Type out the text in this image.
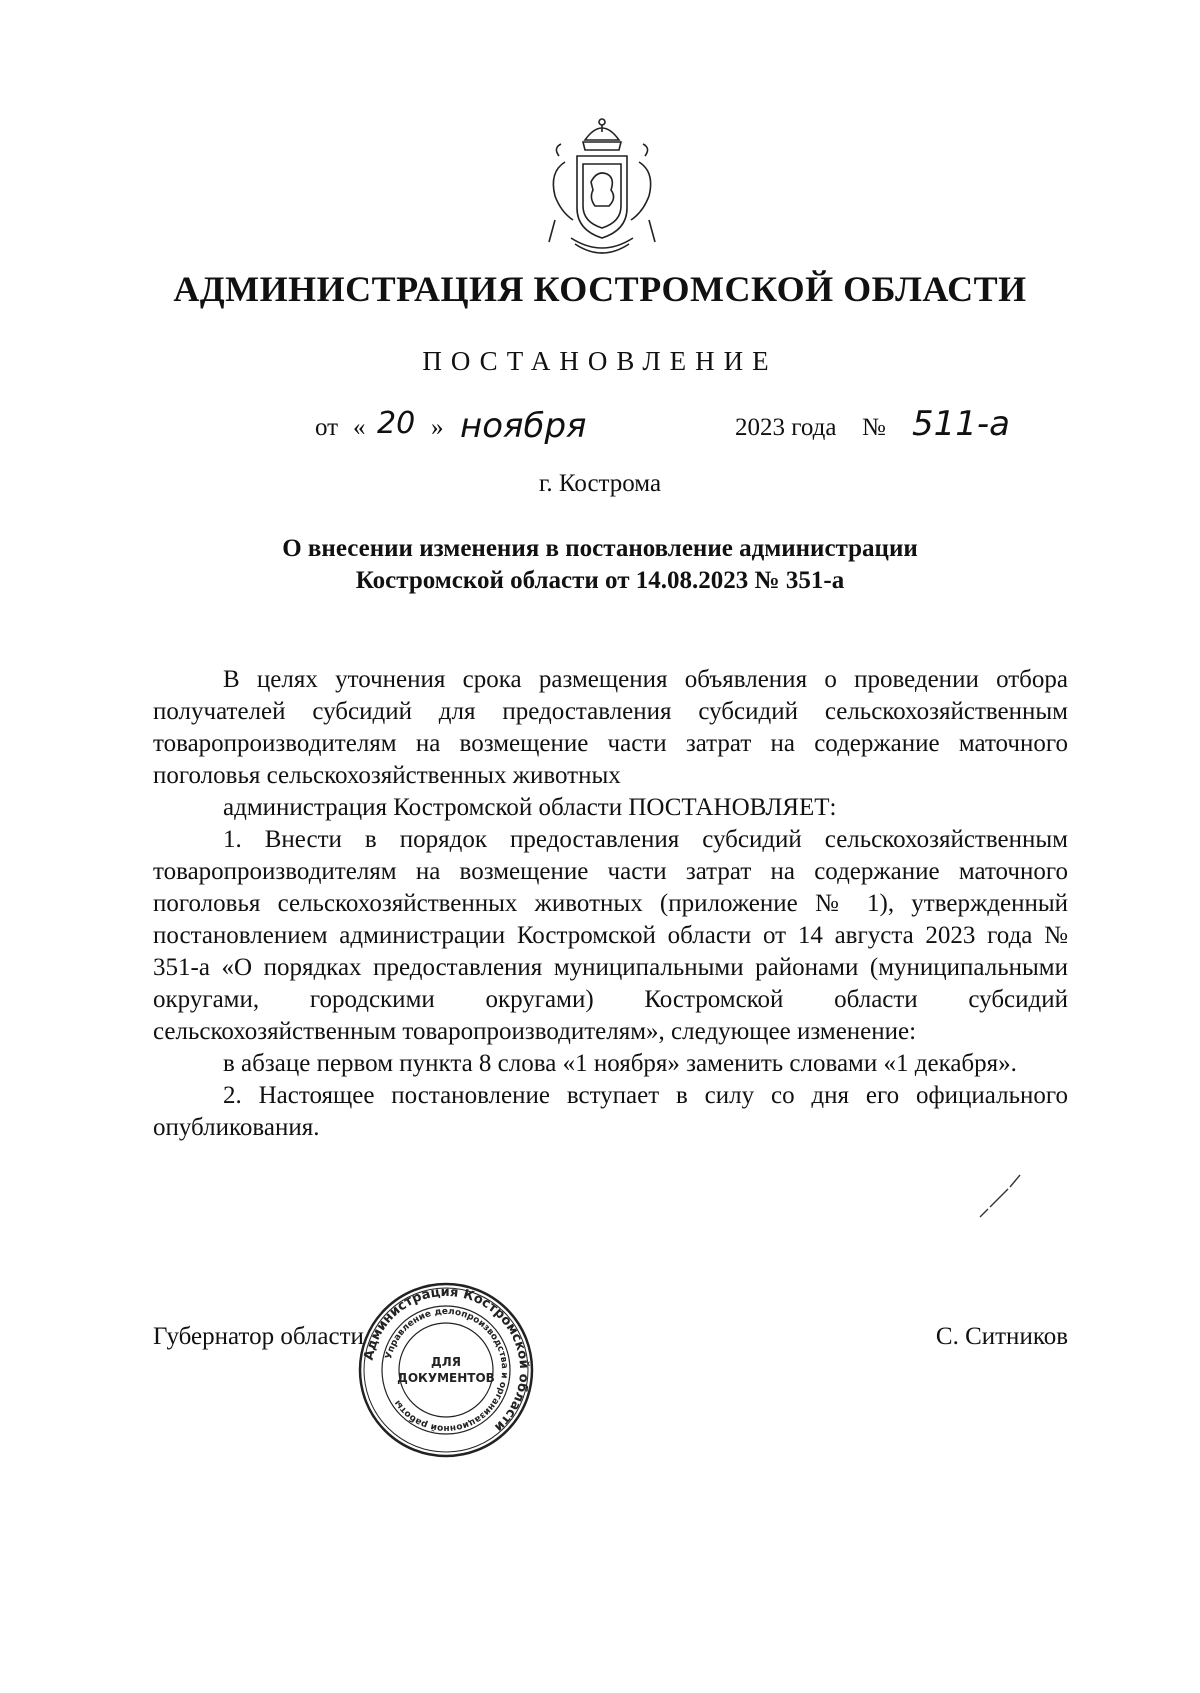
АДМИНИСТРАЦИЯ КОСТРОМСКОЙ ОБЛАСТИ
ПОСТАНОВЛЕНИЕ
от « 20 » ноября	2023 года № 511-а
г. Кострома
О внесении изменения в постановление администрации
Костромской области от 14.08.2023 № 351-а

В целях уточнения срока размещения объявления о проведении отбора получателей субсидий для предоставления субсидий сельскохозяйственным товаропроизводителям на возмещение части затрат на содержание маточного поголовья сельскохозяйственных животных

администрация Костромской области ПОСТАНОВЛЯЕТ:

1. Внести в порядок предоставления субсидий сельскохозяйственным товаропроизводителям на возмещение части затрат на содержание маточного поголовья сельскохозяйственных животных (приложение № 1), утвержденный постановлением администрации Костромской области от 14 августа 2023 года № 351-а «О порядках предоставления муниципальными районами (муниципальными округами, городскими округами) Костромской области субсидий сельскохозяйственным товаропроизводителям», следующее изменение:

в абзаце первом пункта 8 слова «1 ноября» заменить словами «1 декабря».

2. Настоящее постановление вступает в силу со дня его официального опубликования.

Губернатор области	С. Ситников
Администрация Костромской области
Управление делопроизводства и организационной работы
ДЛЯ
ДОКУМЕНТОВ
